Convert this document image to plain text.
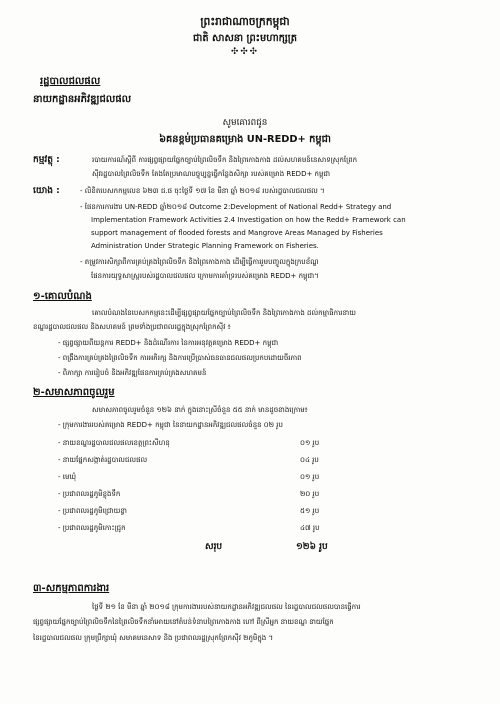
ព្រះរាជាណាចក្រកម្ពុជា
ជាតិ សាសនា ព្រះមហាក្សត្រ
✣✣✣
រដ្ឋបាលជលផល
នាយកដ្ឋានអភិវឌ្ឍជលផល
សូមគោរពជូន
៦គនខ្ពម់ប្រធានគម្រោង UN-REDD+ កម្ពុជា
កម្មវត្ថុ :	របាយការណ៍ស្តីពី ការផ្សព្វផ្សាយផ្នែកច្បាប់ព្រៃលិចទឹក និងព្រៃកោងកាង ដល់សហគមន៍នេសាទស្រុកព្រែក
ស៊ីវរដ្ឋបាលព្រៃលិចទឹក តែងតែប្រមាណបច្ចុប្បន្នធ្វើកន្លែងសិក្សា របស់គម្រោង REDD+ កម្ពុជា
យោង :	- លិខិតបេសកកម្មលេខ ៦២៣ ជ.ផ ចុះថ្ងៃទី ១៧ ខែ មីនា ឆ្នាំ ២០១៨ របស់រដ្ឋបាលជលផល ។
- ផែនការការងារ UN-REDD ឆ្នាំ២០១៨ Outcome 2:Development of National Redd+ Strategy and
Implementation Framework Activities 2.4 Investigation on how the Redd+ Framework can
support management of flooded forests and Mangrove Areas Managed by Fisheries
Administration Under Strategic Planning Framework on Fisheries.
- តម្រូវការសិក្សាពីការគ្រប់គ្រងព្រៃលិចទឹក និងព្រៃកោងកាង ដើម្បីធ្វើការរួមបញ្ចូលក្នុងក្របខ័ណ្ឌ
ផែនការយុទ្ធសាស្ត្ររបស់រដ្ឋបាលជលផល ក្រោមការគាំទ្ររបស់គម្រោង REDD+ កម្ពុជា។
១-គោលបំណង
គោលបំណងនៃបេសកកម្មនេះដើម្បីផ្សព្វផ្សាយផ្នែកច្បាប់ព្រៃលិចទឹក និងព្រៃកោងកាង ដល់កម្មាធិការនាយ
ខណ្ឌរដ្ឋបាលជលផល និងសហគមន៍ ព្រមទាំងប្រជាពលរដ្ឋក្នុងស្រុកព្រែកស៊ីវ ៖
- ផ្សព្វផ្សាយពីយន្តការ REDD+ និងដំណើរការ នៃការអនុវត្តគម្រោង REDD+ កម្ពុជា
- ពង្រឹងការគ្រប់គ្រងព្រៃលិចទឹក ការអភិរក្ស និងការប្រើប្រាស់ធនធានជលផលប្រកបដោយចីរភាព
- ពិភាក្សា ការរៀបចំ និងអភិវឌ្ឍផែនការគ្រប់គ្រងសហគមន៍
២-សមាសភាពចូលរួម
សមាសភាពចូលរួមចំនួន ១២៦ នាក់ ក្នុងនោះស្រីចំនួន ៥៥ នាក់ មានដូចខាងក្រោម៖
- ក្រុមការងាររបស់គម្រោង REDD+ កម្ពុជា នៃនាយកដ្ឋានអភិវឌ្ឍជលផលចំនួន ០២ រូប
- នាយខណ្ឌរដ្ឋបាលជលផលខេត្តព្រះសីហនុ	០១ រូប
- នាយផ្នែកសង្កាត់រដ្ឋបាលជលផល	០៤ រូប
- មេឃុំ	០១ រូប
- ប្រជាពលរដ្ឋភូមិខ្លុងទឹក	២០ រូប
- ប្រជាពលរដ្ឋភូមិជ្រោយខ្វា	៥១ រូប
- ប្រជាពលរដ្ឋភូមិកោះជ្រូក	៤៧ រូប
សរុប	១២៦ រូប
៣-សកម្មភាពការងារ
ថ្ងៃទី ២១ ខែ មីនា ឆ្នាំ ២០១៨ ក្រុមការងាររបស់នាយកដ្ឋានអភិវឌ្ឍជលផល នៃរដ្ឋបាលជលផលបានធ្វើការ
ផ្សព្វផ្សាយផ្នែកច្បាប់ព្រៃលិចទឹកនៃព្រៃលិចទឹកនាំអោយនៅតំបន់ទំនាបព្រៃកោងកាង ហៅ ពីស្រីអ្នក នាយខណ្ឌ នាយផ្នែក
នៃរដ្ឋបាលជលផល ក្រុមប្រឹក្សាឃុំ សមាគមនេសាទ និង ប្រជាពលរដ្ឋស្រុកព្រែកស៊ីវ ២ភូមិក្នុង ។
